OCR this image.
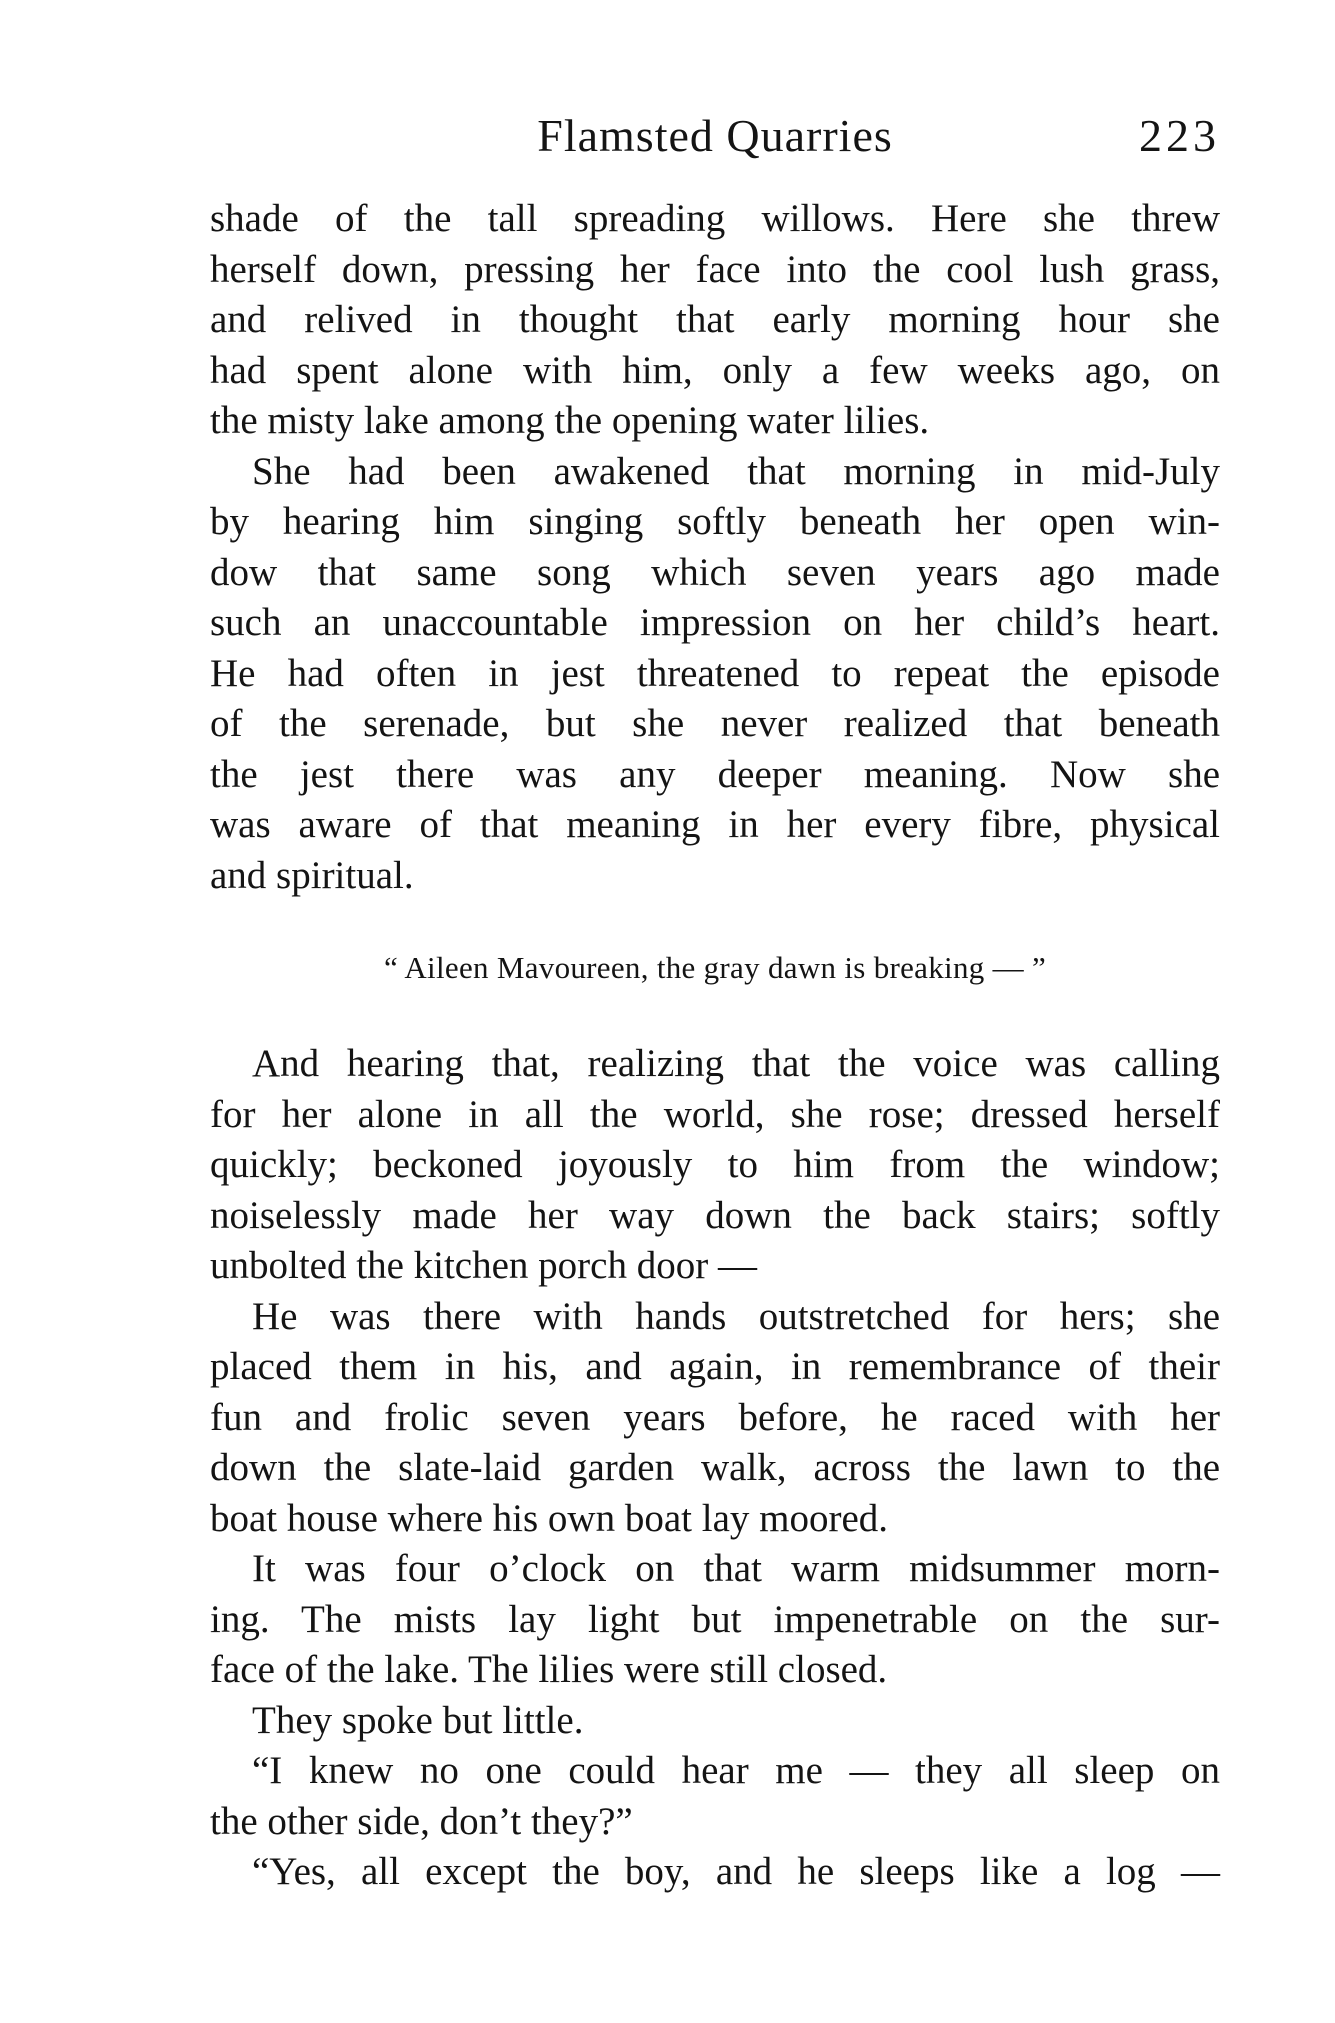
Flamsted Quarries	223

shade of the tall spreading willows. Here she threw
herself down, pressing her face into the cool lush grass,
and relived in thought that early morning hour she
had spent alone with him, only a few weeks ago, on
the misty lake among the opening water lilies.

She had been awakened that morning in mid-July
by hearing him singing softly beneath her open win-
dow that same song which seven years ago made
such an unaccountable impression on her child’s heart.
He had often in jest threatened to repeat the episode
of the serenade, but she never realized that beneath
the jest there was any deeper meaning. Now she
was aware of that meaning in her every fibre, physical
and spiritual.

“ Aileen Mavoureen, the gray dawn is breaking — ”

And hearing that, realizing that the voice was calling
for her alone in all the world, she rose; dressed herself
quickly; beckoned joyously to him from the window;
noiselessly made her way down the back stairs; softly
unbolted the kitchen porch door —

He was there with hands outstretched for hers; she
placed them in his, and again, in remembrance of their
fun and frolic seven years before, he raced with her
down the slate-laid garden walk, across the lawn to the
boat house where his own boat lay moored.

It was four o’clock on that warm midsummer morn-
ing. The mists lay light but impenetrable on the sur-
face of the lake. The lilies were still closed.

They spoke but little.

“I knew no one could hear me — they all sleep on
the other side, don’t they?”

“Yes, all except the boy, and he sleeps like a log —
